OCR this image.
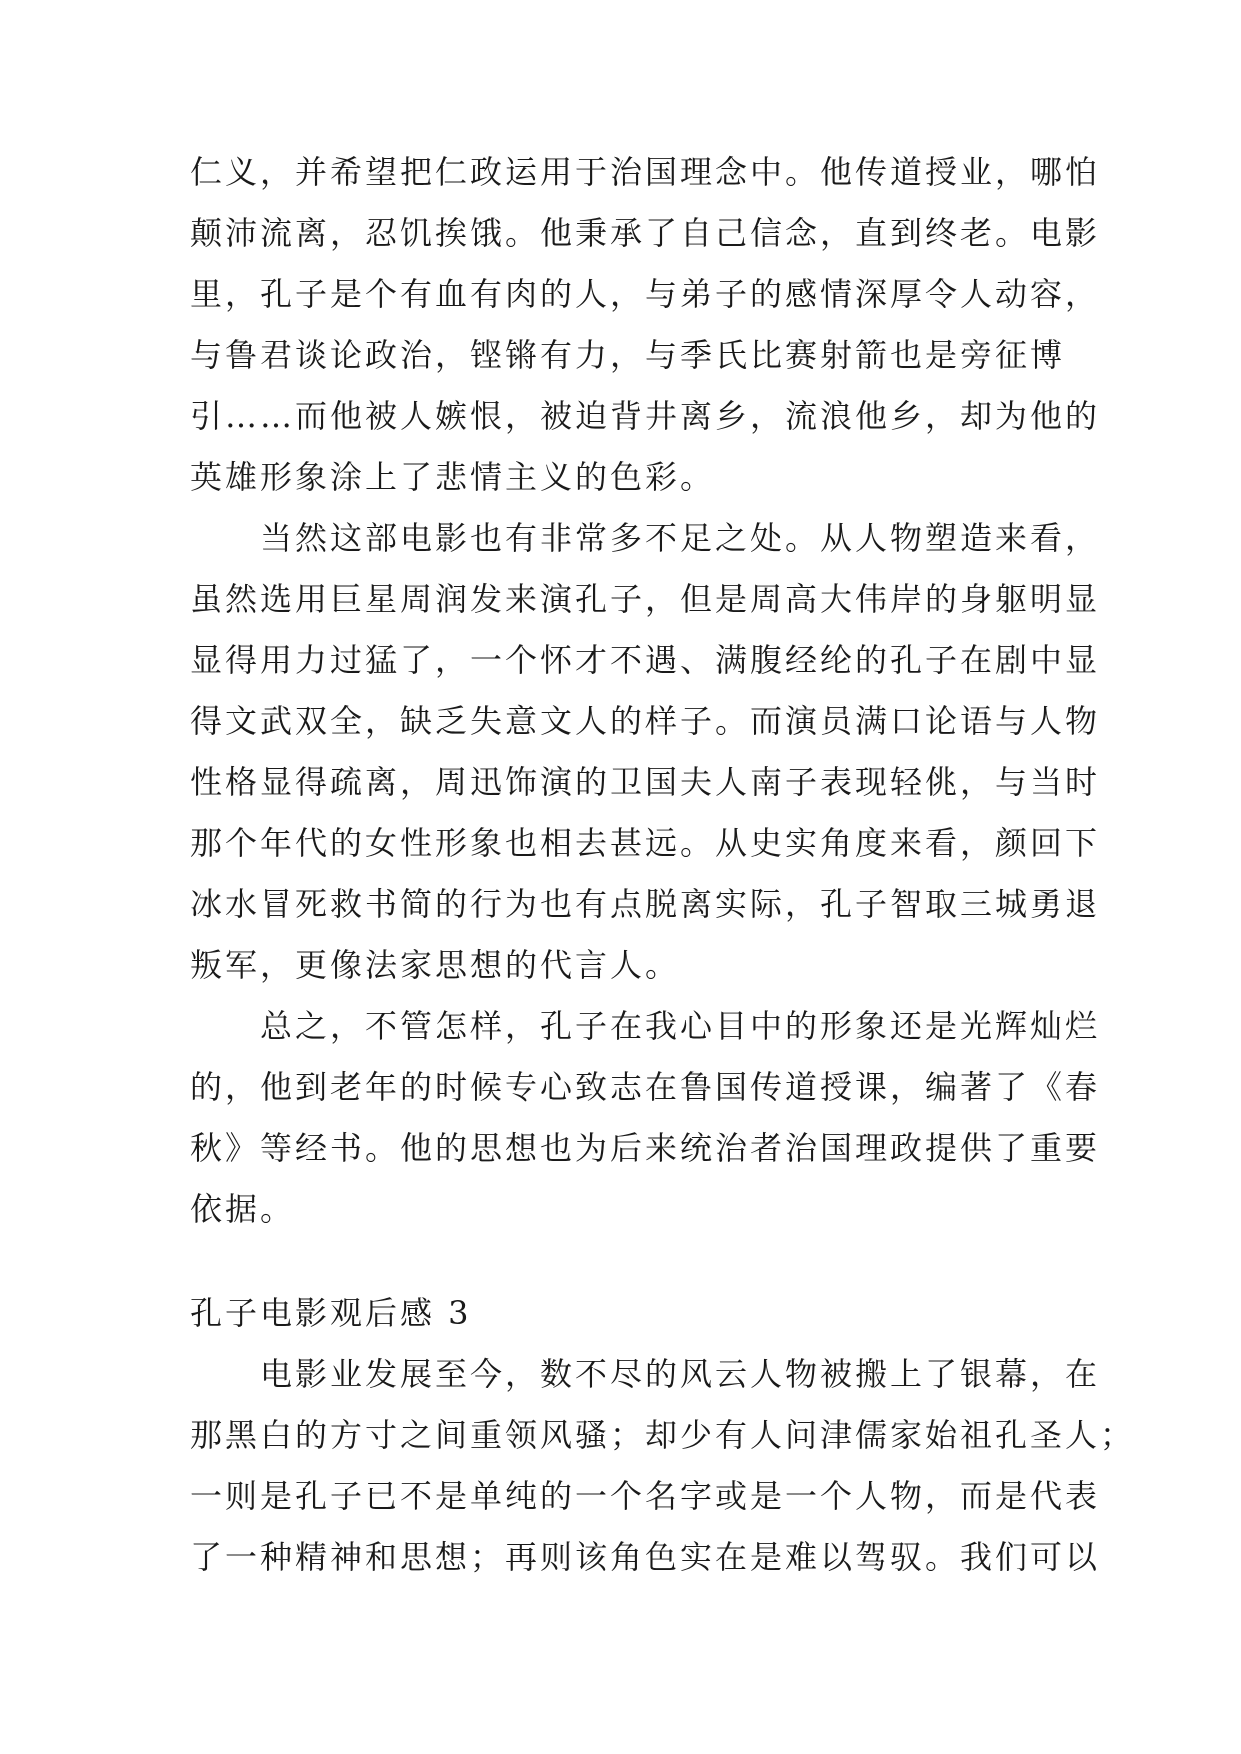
仁义，并希望把仁政运用于治国理念中。他传道授业，哪怕

颠沛流离，忍饥挨饿。他秉承了自己信念，直到终老。电影

里，孔子是个有血有肉的人，与弟子的感情深厚令人动容，

与鲁君谈论政治，铿锵有力，与季氏比赛射箭也是旁征博

引……而他被人嫉恨，被迫背井离乡，流浪他乡，却为他的

英雄形象涂上了悲情主义的色彩。

　　当然这部电影也有非常多不足之处。从人物塑造来看，

虽然选用巨星周润发来演孔子，但是周高大伟岸的身躯明显

显得用力过猛了，一个怀才不遇、满腹经纶的孔子在剧中显

得文武双全，缺乏失意文人的样子。而演员满口论语与人物

性格显得疏离，周迅饰演的卫国夫人南子表现轻佻，与当时

那个年代的女性形象也相去甚远。从史实角度来看，颜回下

冰水冒死救书简的行为也有点脱离实际，孔子智取三城勇退

叛军，更像法家思想的代言人。

　　总之，不管怎样，孔子在我心目中的形象还是光辉灿烂

的，他到老年的时候专心致志在鲁国传道授课，编著了《春

秋》等经书。他的思想也为后来统治者治国理政提供了重要

依据。

孔子电影观后感 3

　　电影业发展至今，数不尽的风云人物被搬上了银幕，在

那黑白的方寸之间重领风骚；却少有人问津儒家始祖孔圣人；

一则是孔子已不是单纯的一个名字或是一个人物，而是代表

了一种精神和思想；再则该角色实在是难以驾驭。我们可以
